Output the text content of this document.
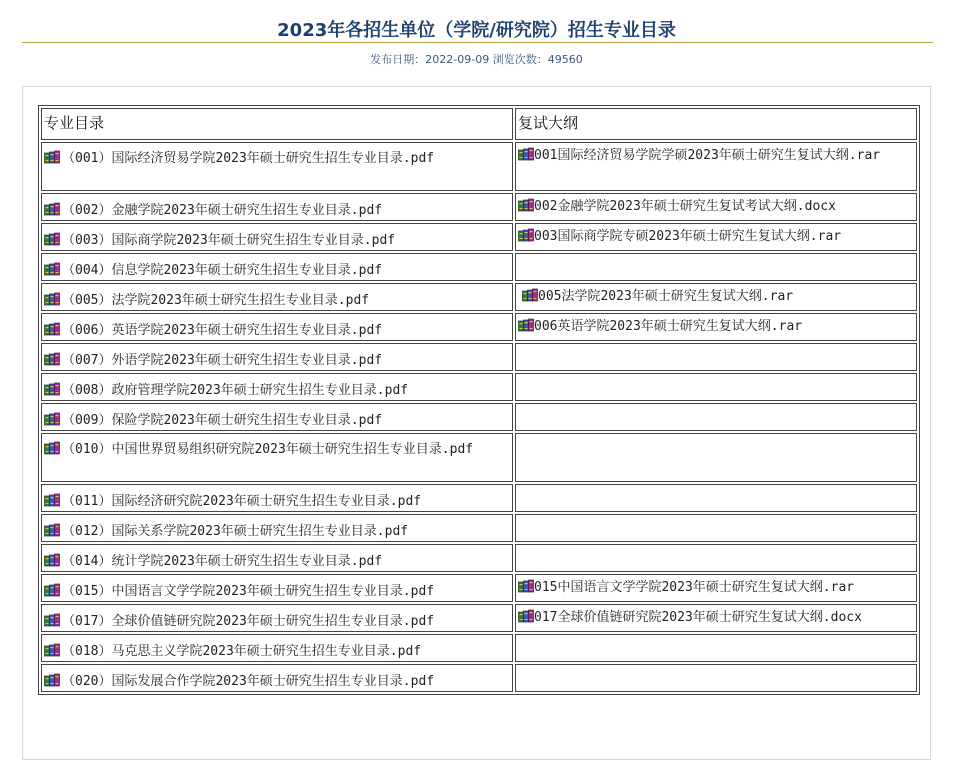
2023年各招生单位（学院/研究院）招生专业目录
发布日期：2022-09-09 浏览次数：49560
专业目录	复试大纲

（001）国际经济贸易学院2023年硕士研究生招生专业目录.pdf	001国际经济贸易学院学硕2023年硕士研究生复试大纲.rar

（002）金融学院2023年硕士研究生招生专业目录.pdf	002金融学院2023年硕士研究生复试考试大纲.docx

（003）国际商学院2023年硕士研究生招生专业目录.pdf	003国际商学院专硕2023年硕士研究生复试大纲.rar

（004）信息学院2023年硕士研究生招生专业目录.pdf	

（005）法学院2023年硕士研究生招生专业目录.pdf	005法学院2023年硕士研究生复试大纲.rar

（006）英语学院2023年硕士研究生招生专业目录.pdf	006英语学院2023年硕士研究生复试大纲.rar

（007）外语学院2023年硕士研究生招生专业目录.pdf	

（008）政府管理学院2023年硕士研究生招生专业目录.pdf	

（009）保险学院2023年硕士研究生招生专业目录.pdf	

（010）中国世界贸易组织研究院2023年硕士研究生招生专业目录.pdf	

（011）国际经济研究院2023年硕士研究生招生专业目录.pdf	

（012）国际关系学院2023年硕士研究生招生专业目录.pdf	

（014）统计学院2023年硕士研究生招生专业目录.pdf	

（015）中国语言文学学院2023年硕士研究生招生专业目录.pdf	015中国语言文学学院2023年硕士研究生复试大纲.rar

（017）全球价值链研究院2023年硕士研究生招生专业目录.pdf	017全球价值链研究院2023年硕士研究生复试大纲.docx

（018）马克思主义学院2023年硕士研究生招生专业目录.pdf	

（020）国际发展合作学院2023年硕士研究生招生专业目录.pdf	
